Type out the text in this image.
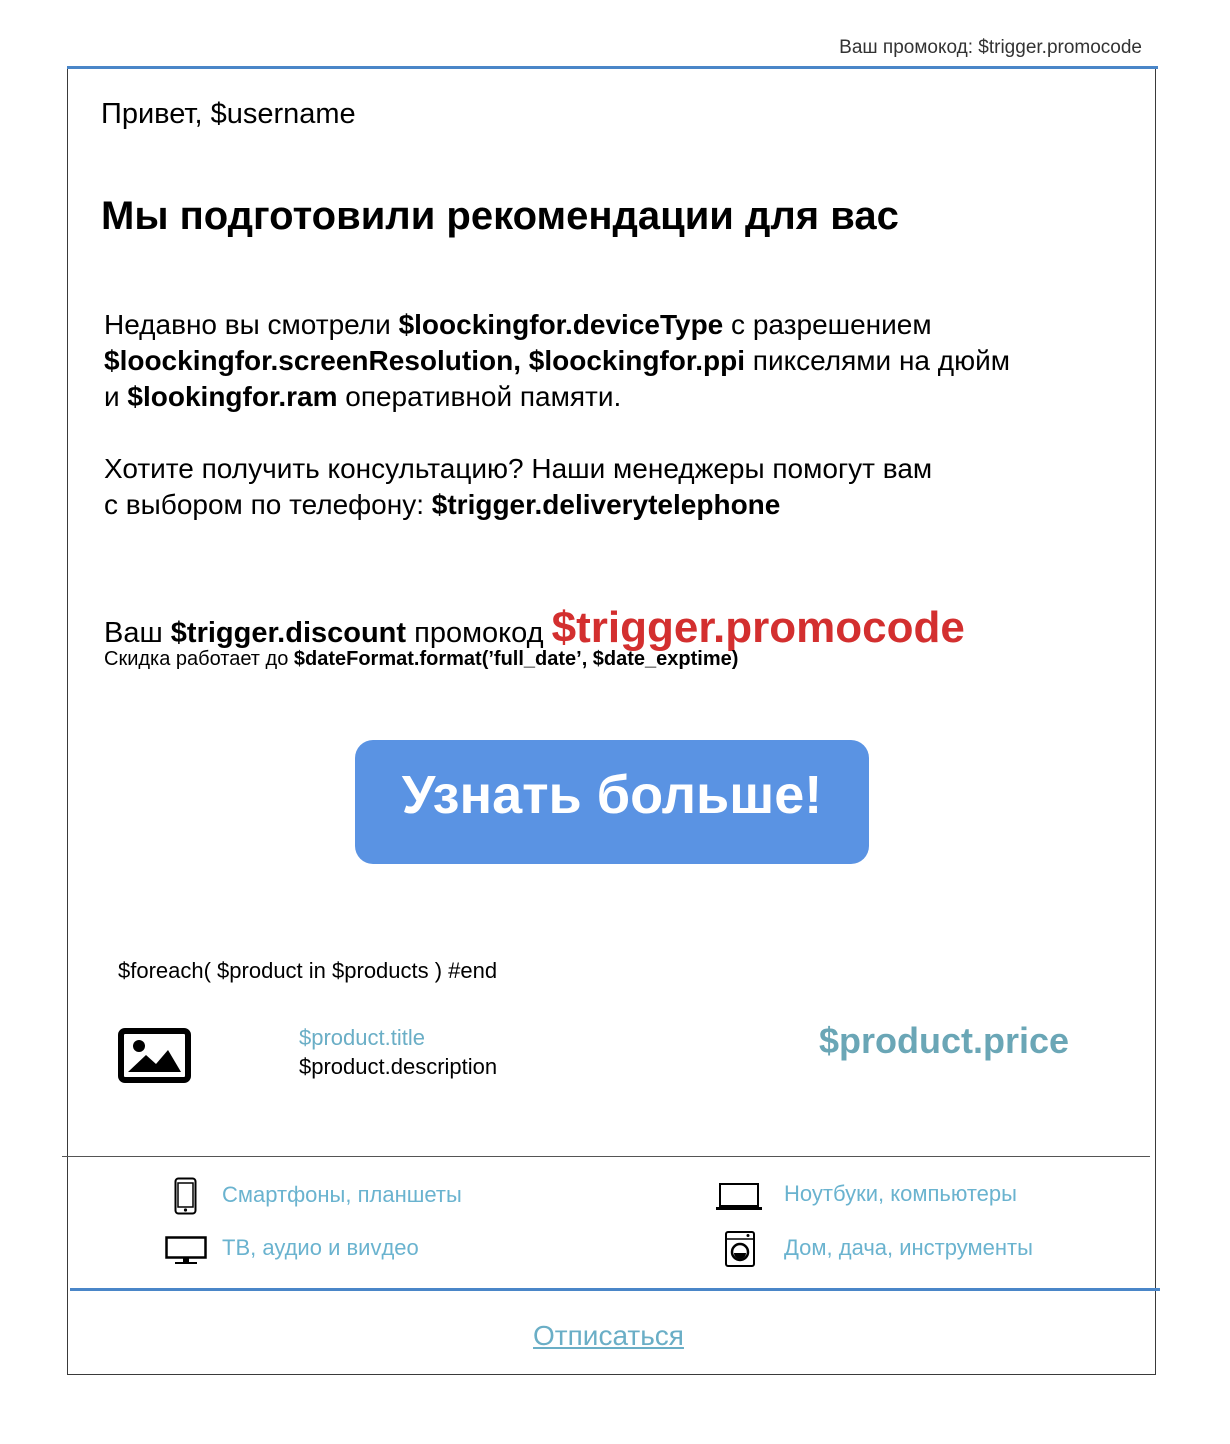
Ваш промокод: $trigger.promocode
Привет, $username
Мы подготовили рекомендации для вас
Недавно вы смотрели $loockingfor.deviceType с разрешением
$loockingfor.screenResolution, $loockingfor.ppi пикселями на дюйм
и $lookingfor.ram оперативной памяти.
Хотите получить консультацию? Наши менеджеры помогут вам
с выбором по телефону: $trigger.deliverytelephone
Ваш $trigger.discount промокод $trigger.promocode
Скидка работает до $dateFormat.format(’full_date’, $date_exptime)
Узнать больше!
$foreach( $product in $products ) #end
$product.title
$product.description
$product.price
Смартфоны, планшеты	Ноутбуки, компьютеры
ТВ, аудио и виvдео	Дом, дача, инструменты
Отписаться
